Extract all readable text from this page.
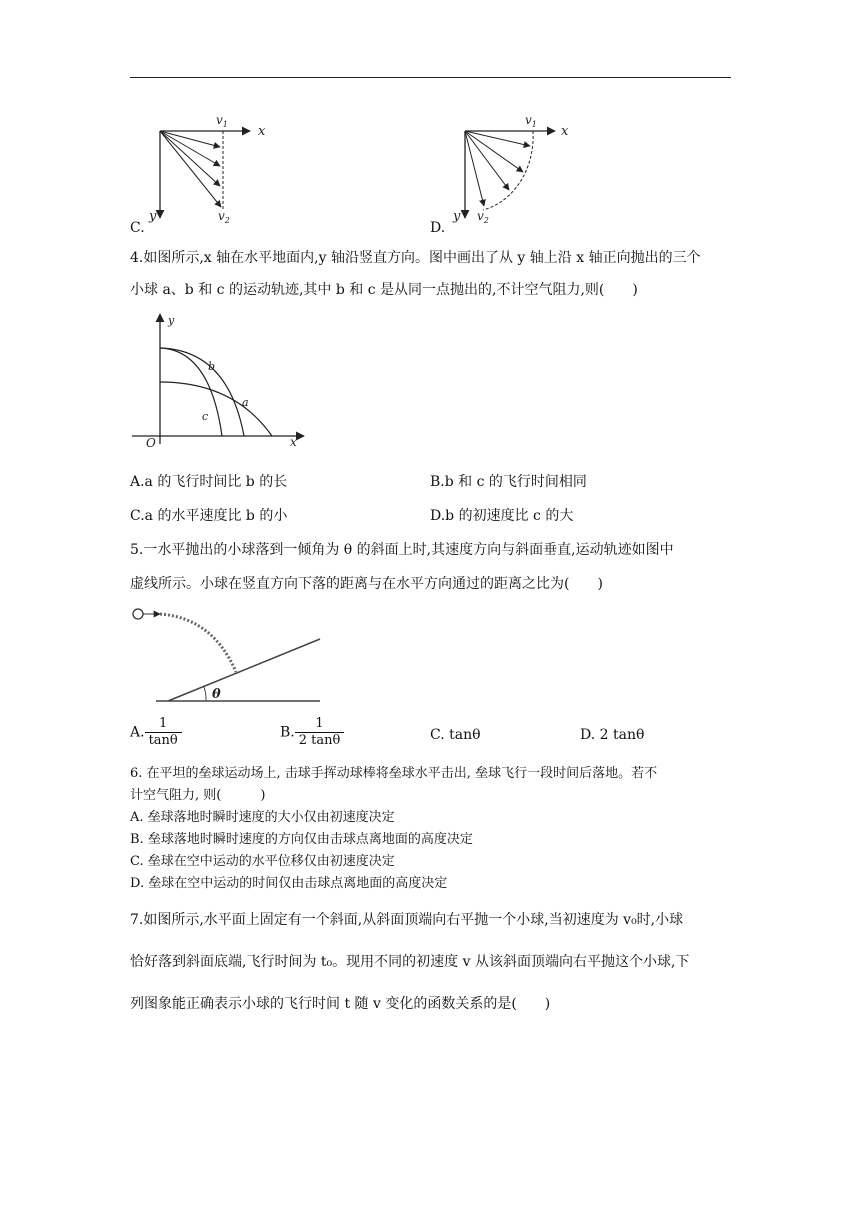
$v_1$ x
y	$v_2$
C.
$v_1$ x
y $v_2$
D.
4.如图所示,x 轴在水平地面内,y 轴沿竖直方向。图中画出了从 y 轴上沿 x 轴正向抛出的三个
小球 a、b 和 c 的运动轨迹,其中 b 和 c 是从同一点抛出的,不计空气阻力,则(　　)
y
x
O
b
a
c
A.a 的飞行时间比 b 的长	B.b 和 c 的飞行时间相同
C.a 的水平速度比 b 的小	D.b 的初速度比 c 的大
5.一水平抛出的小球落到一倾角为 θ 的斜面上时,其速度方向与斜面垂直,运动轨迹如图中
虚线所示。小球在竖直方向下落的距离与在水平方向通过的距离之比为(　　)
θ
A. $\frac{1}{\tan\theta}$	B. $\frac{1}{2 \tan\theta}$	C. tanθ	D. 2 tanθ
6. 在平坦的垒球运动场上, 击球手挥动球棒将垒球水平击出, 垒球飞行一段时间后落地。若不
计空气阻力, 则(　　　)
A. 垒球落地时瞬时速度的大小仅由初速度决定
B. 垒球落地时瞬时速度的方向仅由击球点离地面的高度决定
C. 垒球在空中运动的水平位移仅由初速度决定
D. 垒球在空中运动的时间仅由击球点离地面的高度决定
7.如图所示,水平面上固定有一个斜面,从斜面顶端向右平抛一个小球,当初速度为 v₀时,小球
恰好落到斜面底端,飞行时间为 t₀。现用不同的初速度 v 从该斜面顶端向右平抛这个小球,下
列图象能正确表示小球的飞行时间 t 随 v 变化的函数关系的是(　　)
